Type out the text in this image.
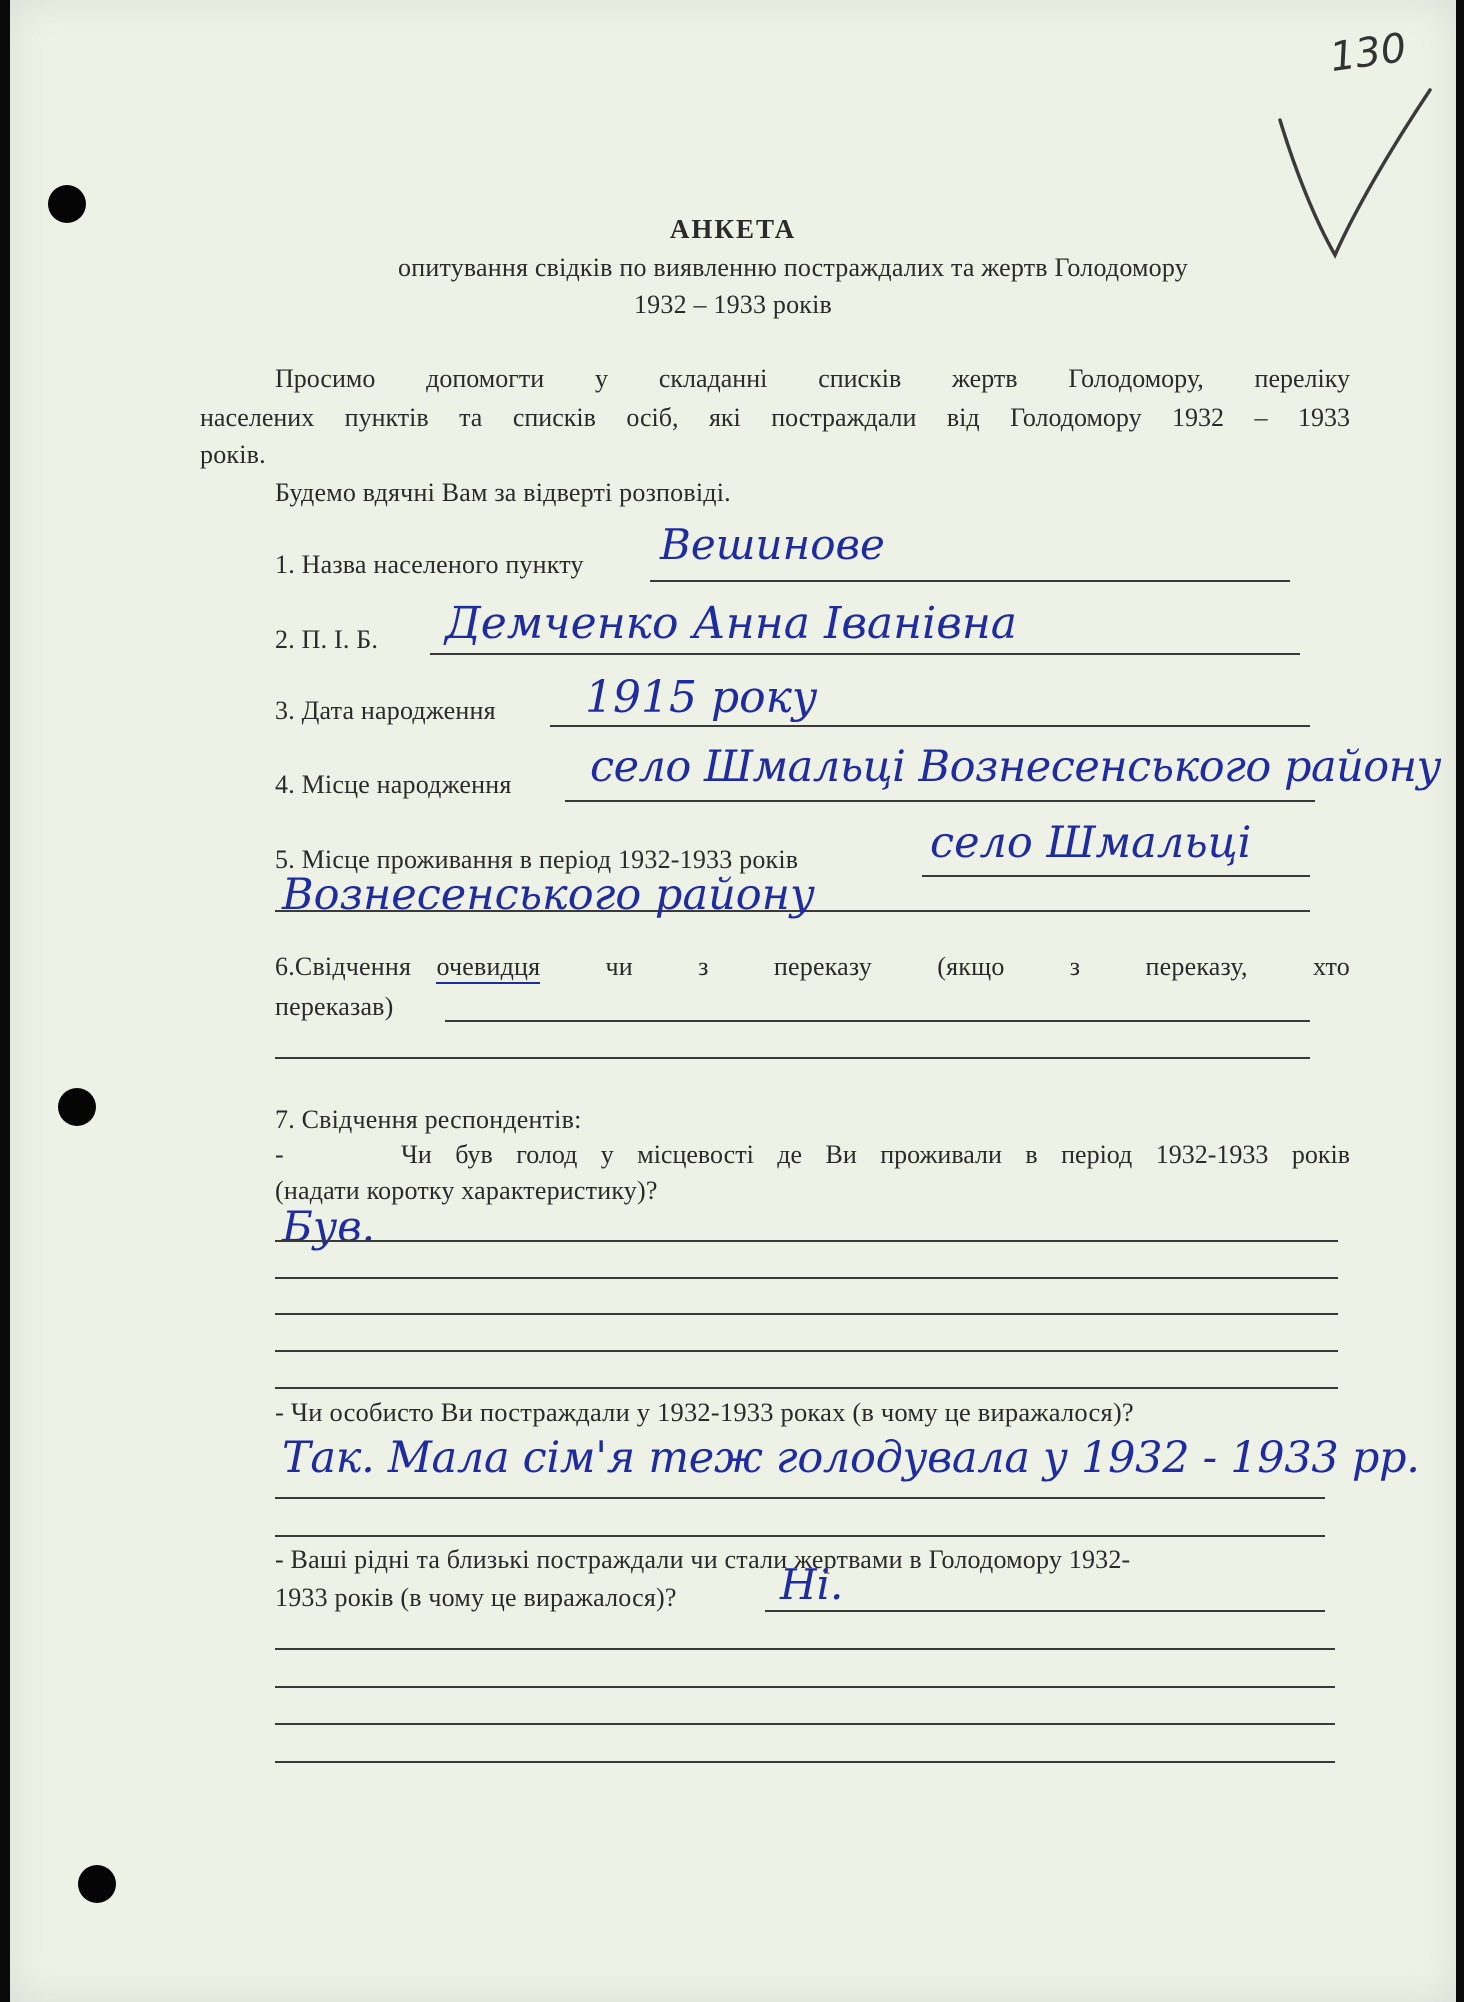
130
АНКЕТА
опитування свідків по виявленню постраждалих та жертв Голодомору
1932 – 1933 років
Просимо допомогти у складанні списків жертв Голодомору, переліку
населених пунктів та списків осіб, які постраждали від Голодомору 1932 – 1933
років.
Будемо вдячні Вам за відверті розповіді.
1. Назва населеного пункту Вешинове
2. П. І. Б. Демченко Анна Іванівна
3. Дата народження 1915 року
4. Місце народження село Шмальці Вознесенського району
5. Місце проживання в період 1932-1933 років	село Шмальці
Вознесенського району
6.Свідчення очевидця	чи	з	переказу	(якщо	з	переказу,	хто
переказав)
7. Свідчення респондентів:
-     Чи був голод у місцевості де Ви проживали в період 1932-1933 років
(надати коротку характеристику)?
Був.
- Чи особисто Ви постраждали у 1932-1933 роках (в чому це виражалося)?
Так. Мала сім'я теж голодувала у 1932 - 1933 рр.
- Ваші рідні та близькі постраждали чи стали жертвами в Голодомору 1932-
1933 років (в чому це виражалося)? Ні.
